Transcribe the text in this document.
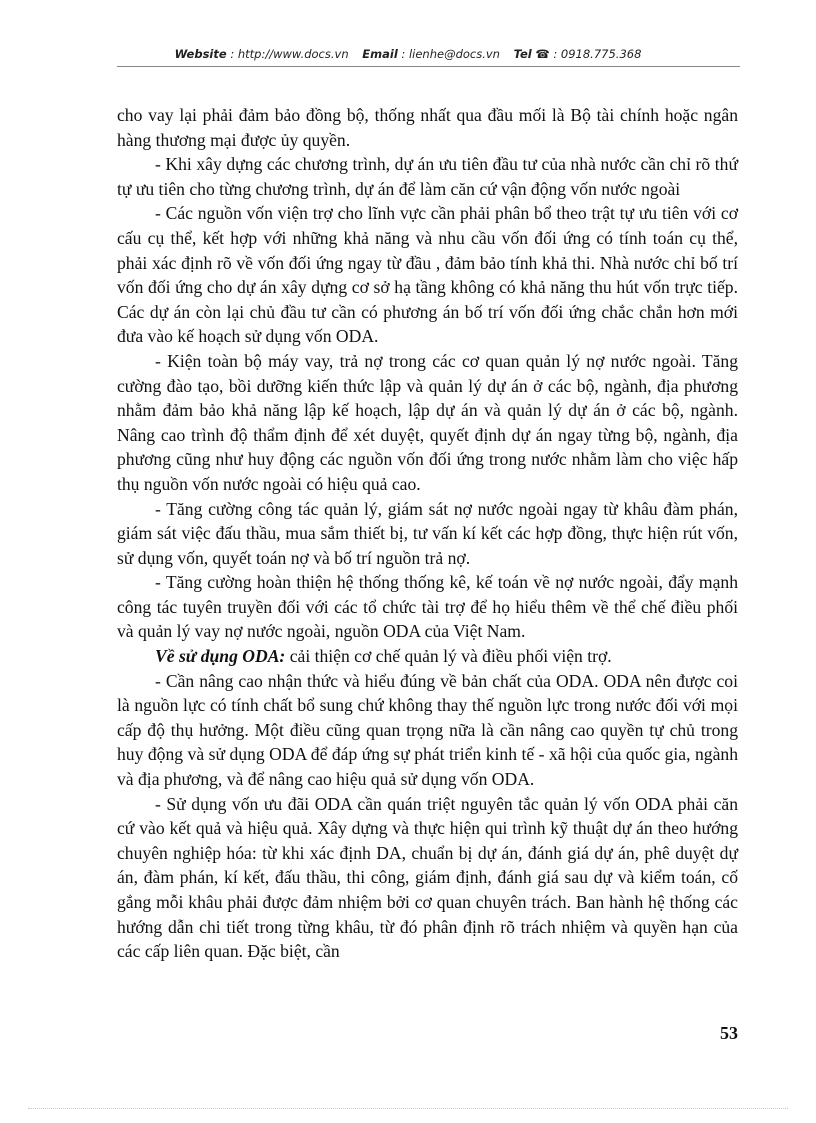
Website : http://www.docs.vn Email : lienhe@docs.vn Tel ☎ : 0918.775.368

cho vay lại phải đảm bảo đồng bộ, thống nhất qua đầu mối là Bộ tài chính hoặc ngân hàng thương mại được ủy quyền.

- Khi xây dựng các chương trình, dự án ưu tiên đầu tư của nhà nước cần chỉ rõ thứ tự ưu tiên cho từng chương trình, dự án để làm căn cứ vận động vốn nước ngoài

- Các nguồn vốn viện trợ cho lĩnh vực cần phải phân bổ theo trật tự ưu tiên với cơ cấu cụ thể, kết hợp với những khả năng và nhu cầu vốn đối ứng có tính toán cụ thể, phải xác định rõ về vốn đối ứng ngay từ đầu , đảm bảo tính khả thi. Nhà nước chỉ bố trí vốn đối ứng cho dự án xây dựng cơ sở hạ tầng không có khả năng thu hút vốn trực tiếp. Các dự án còn lại chủ đầu tư cần có phương án bố trí vốn đối ứng chắc chắn hơn mới đưa vào kế hoạch sử dụng vốn ODA.

- Kiện toàn bộ máy vay, trả nợ trong các cơ quan quản lý nợ nước ngoài. Tăng cường đào tạo, bồi dưỡng kiến thức lập và quản lý dự án ở các bộ, ngành, địa phương nhằm đảm bảo khả năng lập kế hoạch, lập dự án và quản lý dự án ở các bộ, ngành. Nâng cao trình độ thẩm định để xét duyệt, quyết định dự án ngay từng bộ, ngành, địa phương cũng như huy động các nguồn vốn đối ứng trong nước nhằm làm cho việc hấp thụ nguồn vốn nước ngoài có hiệu quả cao.

- Tăng cường công tác quản lý, giám sát nợ nước ngoài ngay từ khâu đàm phán, giám sát việc đấu thầu, mua sắm thiết bị, tư vấn kí kết các hợp đồng, thực hiện rút vốn, sử dụng vốn, quyết toán nợ và bố trí nguồn trả nợ.

- Tăng cường hoàn thiện hệ thống thống kê, kế toán về nợ nước ngoài, đẩy mạnh công tác tuyên truyền đối với các tổ chức tài trợ để họ hiểu thêm về thể chế điều phối và quản lý vay nợ nước ngoài, nguồn ODA của Việt Nam.

Về sử dụng ODA: cải thiện cơ chế quản lý và điều phối viện trợ.

- Cần nâng cao nhận thức và hiểu đúng về bản chất của ODA. ODA nên được coi là nguồn lực có tính chất bổ sung chứ không thay thế nguồn lực trong nước đối với mọi cấp độ thụ hưởng. Một điều cũng quan trọng nữa là cần nâng cao quyền tự chủ trong huy động và sử dụng ODA để đáp ứng sự phát triển kinh tế - xã hội của quốc gia, ngành và địa phương, và để nâng cao hiệu quả sử dụng vốn ODA.

- Sử dụng vốn ưu đãi ODA cần quán triệt nguyên tắc quản lý vốn ODA phải căn cứ vào kết quả và hiệu quả. Xây dựng và thực hiện qui trình kỹ thuật dự án theo hướng chuyên nghiệp hóa: từ khi xác định DA, chuẩn bị dự án, đánh giá dự án, phê duyệt dự án, đàm phán, kí kết, đấu thầu, thi công, giám định, đánh giá sau dự và kiểm toán, cố gắng mỗi khâu phải được đảm nhiệm bởi cơ quan chuyên trách. Ban hành hệ thống các hướng dẫn chi tiết trong từng khâu, từ đó phân định rõ trách nhiệm và quyền hạn của các cấp liên quan. Đặc biệt, cần

53
